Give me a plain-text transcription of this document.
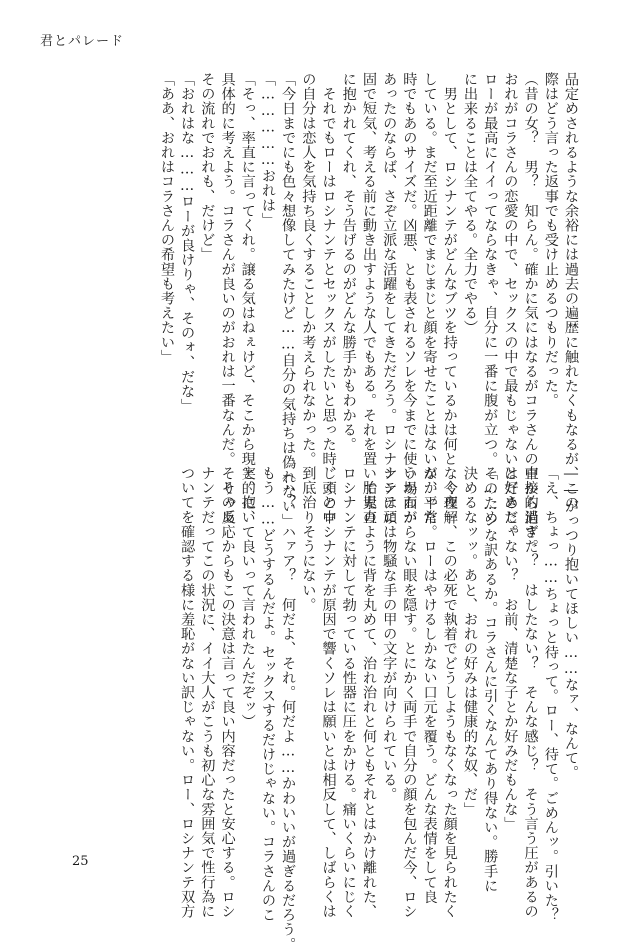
君とパレード
品定めされるような余裕には過去の遍歴に触れたくもなるが、この
際はどう言った返事でも受け止めるつもりだった。
（昔の女？　男？　知らん。確かに気にはなるがコラさんの中から消す。
おれがコラさんの恋愛の中で、セックスの中で最もじゃないとだめだ。
ローが最高にイイってならなきゃ、自分に一番に腹が立つ。そのため
に出来ることは全てやる。全力でやる）
　男として、ロシナンテがどんなブツを持っているかは何となく理解
している。まだ至近距離でまじまじと顔を寄せたことはないが、平常
時でもあのサイズだ。凶悪、とも表されるソレを今までに使う場面が
あったのならば、さぞ立派な活躍をしてきただろう。ロシナンテは頑
固で短気、考える前に動き出すような人でもある。それを置いて素直
に抱かれてくれ、そう告げるのがどんな勝手かもわかる。
　それでもローはロシナンテとセックスがしたいと思った時、頭の中
の自分は恋人を気持ち良くすることしか考えられなかった。
「今日までにも色々想像してみたけど……自分の気持ちは偽れない」
「……………おれは」
「そっ、率直に言ってくれ。譲る気はねぇけど、そこから現実的に、
具体的に考えよう。コラさんが良いのがおれは一番なんだ。そりゃあ
その流れでおれも、だけど」
「おれはな………ローが良けりゃ、そのォ、だな」
「ああ、おれはコラさんの希望も考えたい」
――がっつり抱いてほしい……なァ、なんて。
「え、ちょっ……ちょっと待って。ロー、待て。ごめんッ。引いた？
直接的過ぎた？　はしたない？　そんな感じ？　そう言う圧があるの
は好きじゃない？　お前、清楚な子とか好みだもんな」
「……ンな訳あるか。コラさんに引くなんてあり得ない。勝手に
決めるなッッ。あと、おれの好みは健康的な奴、だ」
　今夜一、この必死で執着でどうしようもなくなった顔を見られたく
なかった。ローはやけるしかない口元を覆う。どんな表情をして良
いかわからない眼を隠す。とにかく両手で自分の顔を包んだ今、ロシ
ナンテには物騒な手の甲の文字が向けられている。
　胎児のように背を丸めて、治れ治れと何ともそれとはかけ離れた、
ロシナンテに対して勃っている性器に圧をかける。痛いくらいにじく
じくとロシナンテが原因で響くソレは願いとは相反して、しばらくは
到底治りそうにない。
（ハ？　ハァア？　何だよ、それ。何だよ……かわいいが過ぎるだろう。
もう……どうするんだよ。セックスするだけじゃない。コラさんのこ
と、抱いて良いって言われたんだぞッ）
　その反応からもこの決意は言って良い内容だったと安心する。ロシ
ナンテだってこの状況に、イイ大人がこうも初心な雰囲気で性行為に
ついてを確認する様に羞恥がない訳じゃない。ロー、ロシナンテ双方
25
